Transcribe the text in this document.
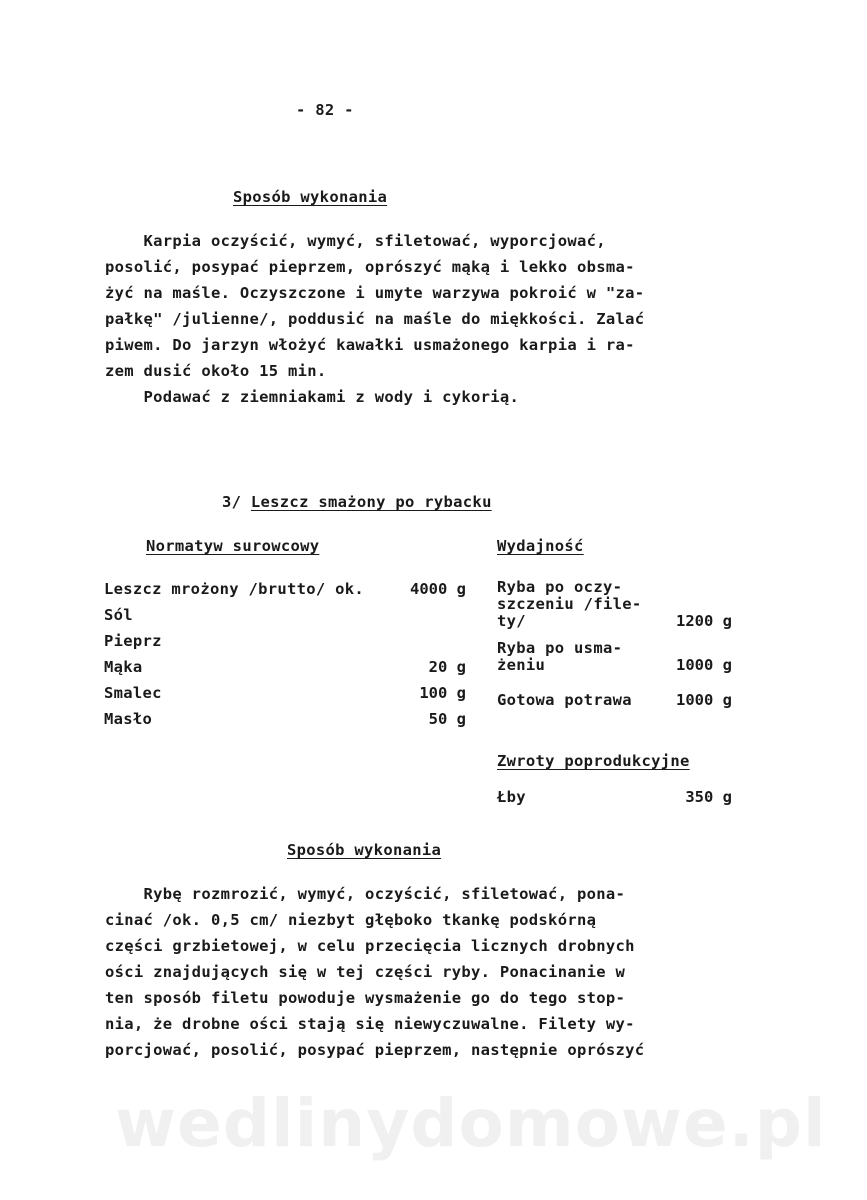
- 82 -
Sposób wykonania
Karpia oczyścić, wymyć, sfiletować, wyporcjować,
posolić, posypać pieprzem, oprószyć mąką i lekko obsma-
żyć na maśle. Oczyszczone i umyte warzywa pokroić w "za-
pałkę" /julienne/, poddusić na maśle do miękkości. Zalać
piwem. Do jarzyn włożyć kawałki usmażonego karpia i ra-
zem dusić około 15 min.
Podawać z ziemniakami z wody i cykorią.
3/ Leszcz smażony po rybacku
Normatyw surowcowy
Leszcz mrożony /brutto/ ok.	4000 g
Sól
Pieprz
Mąka	20 g
Smalec	100 g
Masło	50 g
Wydajność
Ryba po oczy-
szczeniu /file-
ty/	1200 g
Ryba po usma-
żeniu	1000 g
Gotowa potrawa	1000 g
Zwroty poprodukcyjne
Łby	350 g
Sposób wykonania
Rybę rozmrozić, wymyć, oczyścić, sfiletować, pona-
cinać /ok. 0,5 cm/ niezbyt głęboko tkankę podskórną
części grzbietowej, w celu przecięcia licznych drobnych
ości znajdujących się w tej części ryby. Ponacinanie w
ten sposób filetu powoduje wysmażenie go do tego stop-
nia, że drobne ości stają się niewyczuwalne. Filety wy-
porcjować, posolić, posypać pieprzem, następnie oprószyć
wedlinydomowe.pl
